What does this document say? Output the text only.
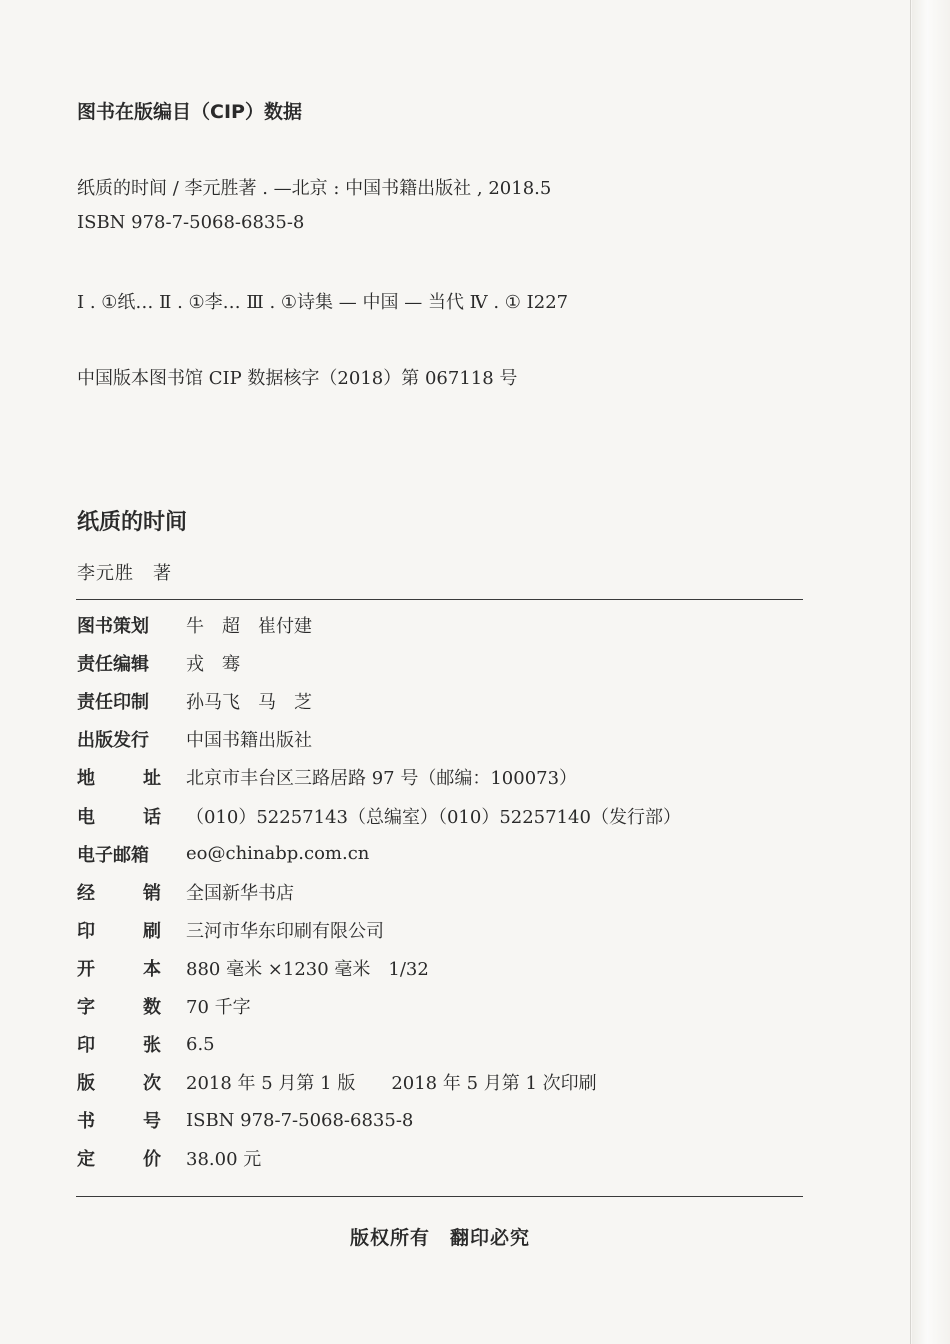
图书在版编目（CIP）数据
纸质的时间 / 李元胜著 . —北京 : 中国书籍出版社 , 2018.5
ISBN 978-7-5068-6835-8
Ⅰ . ①纸… Ⅱ . ①李… Ⅲ . ①诗集 — 中国 — 当代 Ⅳ . ① I227
中国版本图书馆 CIP 数据核字（2018）第 067118 号
纸质的时间
李元胜　著
图书策划 牛　超　崔付建
责任编辑 戎　骞
责任印制 孙马飞　马　芝
出版发行 中国书籍出版社
地	址 北京市丰台区三路居路 97 号（邮编：100073）
电	话 （010）52257143（总编室）（010）52257140（发行部）
电子邮箱 eo@chinabp.com.cn
经	销 全国新华书店
印	刷 三河市华东印刷有限公司
开	本 880 毫米 ×1230 毫米　1/32
字	数 70 千字
印	张 6.5
版	次 2018 年 5 月第 1 版　　2018 年 5 月第 1 次印刷
书	号 ISBN 978-7-5068-6835-8
定	价 38.00 元
版权所有　翻印必究
